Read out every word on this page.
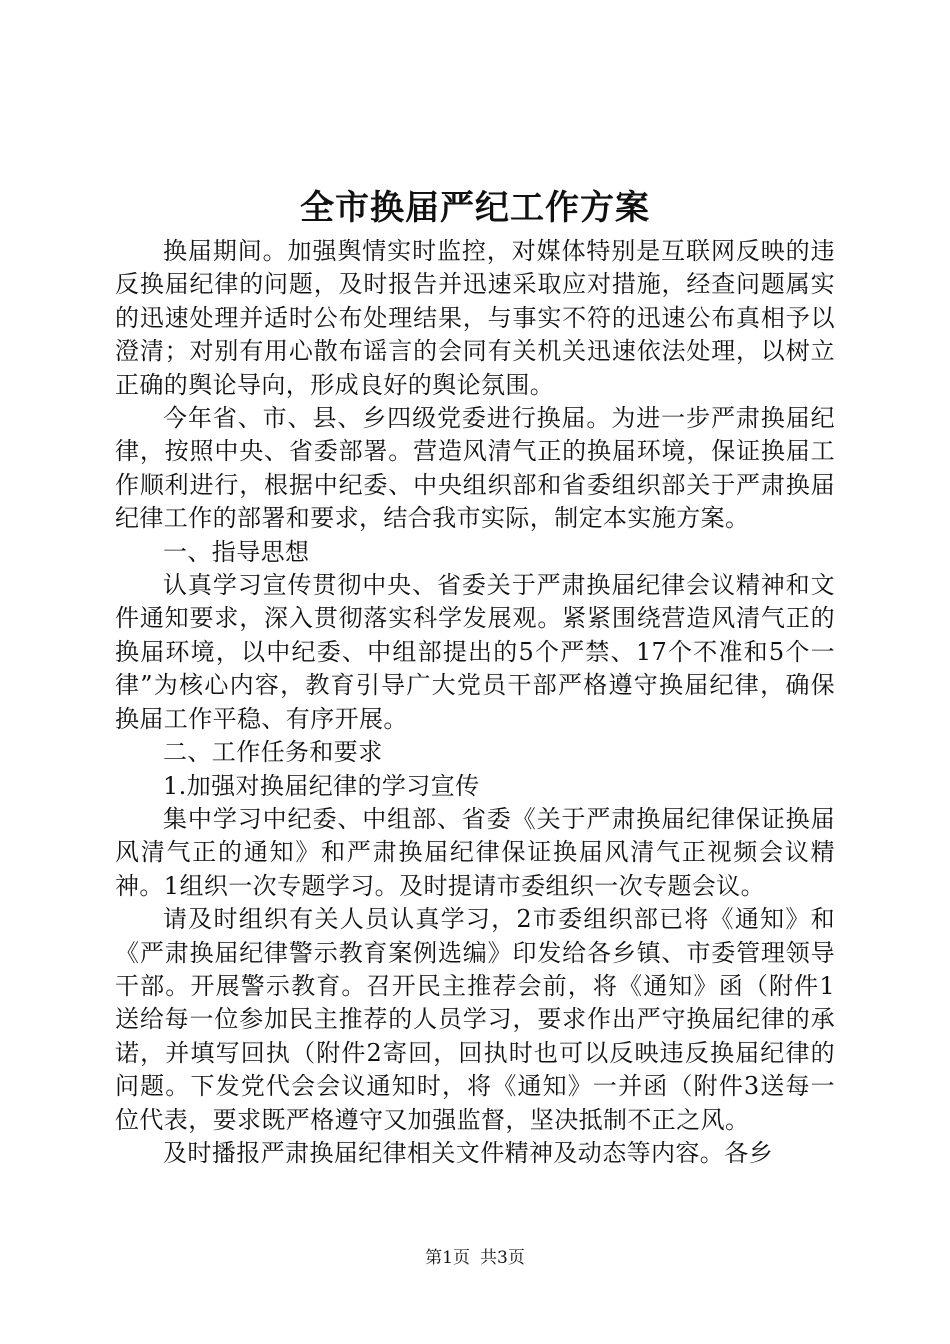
全市换届严纪工作方案

换届期间。加强舆情实时监控，对媒体特别是互联网反映的违反换届纪律的问题，及时报告并迅速采取应对措施，经查问题属实的迅速处理并适时公布处理结果，与事实不符的迅速公布真相予以澄清；对别有用心散布谣言的会同有关机关迅速依法处理，以树立正确的舆论导向，形成良好的舆论氛围。

今年省、市、县、乡四级党委进行换届。为进一步严肃换届纪律，按照中央、省委部署。营造风清气正的换届环境，保证换届工作顺利进行，根据中纪委、中央组织部和省委组织部关于严肃换届纪律工作的部署和要求，结合我市实际，制定本实施方案。

一、指导思想

认真学习宣传贯彻中央、省委关于严肃换届纪律会议精神和文件通知要求，深入贯彻落实科学发展观。紧紧围绕营造风清气正的换届环境，以中纪委、中组部提出的5个严禁、17个不准和5个一律”为核心内容，教育引导广大党员干部严格遵守换届纪律，确保换届工作平稳、有序开展。

二、工作任务和要求

1.加强对换届纪律的学习宣传

集中学习中纪委、中组部、省委《关于严肃换届纪律保证换届风清气正的通知》和严肃换届纪律保证换届风清气正视频会议精神。1组织一次专题学习。及时提请市委组织一次专题会议。

请及时组织有关人员认真学习，2市委组织部已将《通知》和《严肃换届纪律警示教育案例选编》印发给各乡镇、市委管理领导干部。开展警示教育。召开民主推荐会前，将《通知》函（附件1送给每一位参加民主推荐的人员学习，要求作出严守换届纪律的承诺，并填写回执（附件2寄回，回执时也可以反映违反换届纪律的问题。下发党代会会议通知时，将《通知》一并函（附件3送每一位代表，要求既严格遵守又加强监督，坚决抵制不正之风。

及时播报严肃换届纪律相关文件精神及动态等内容。各乡

第1页 共3页
